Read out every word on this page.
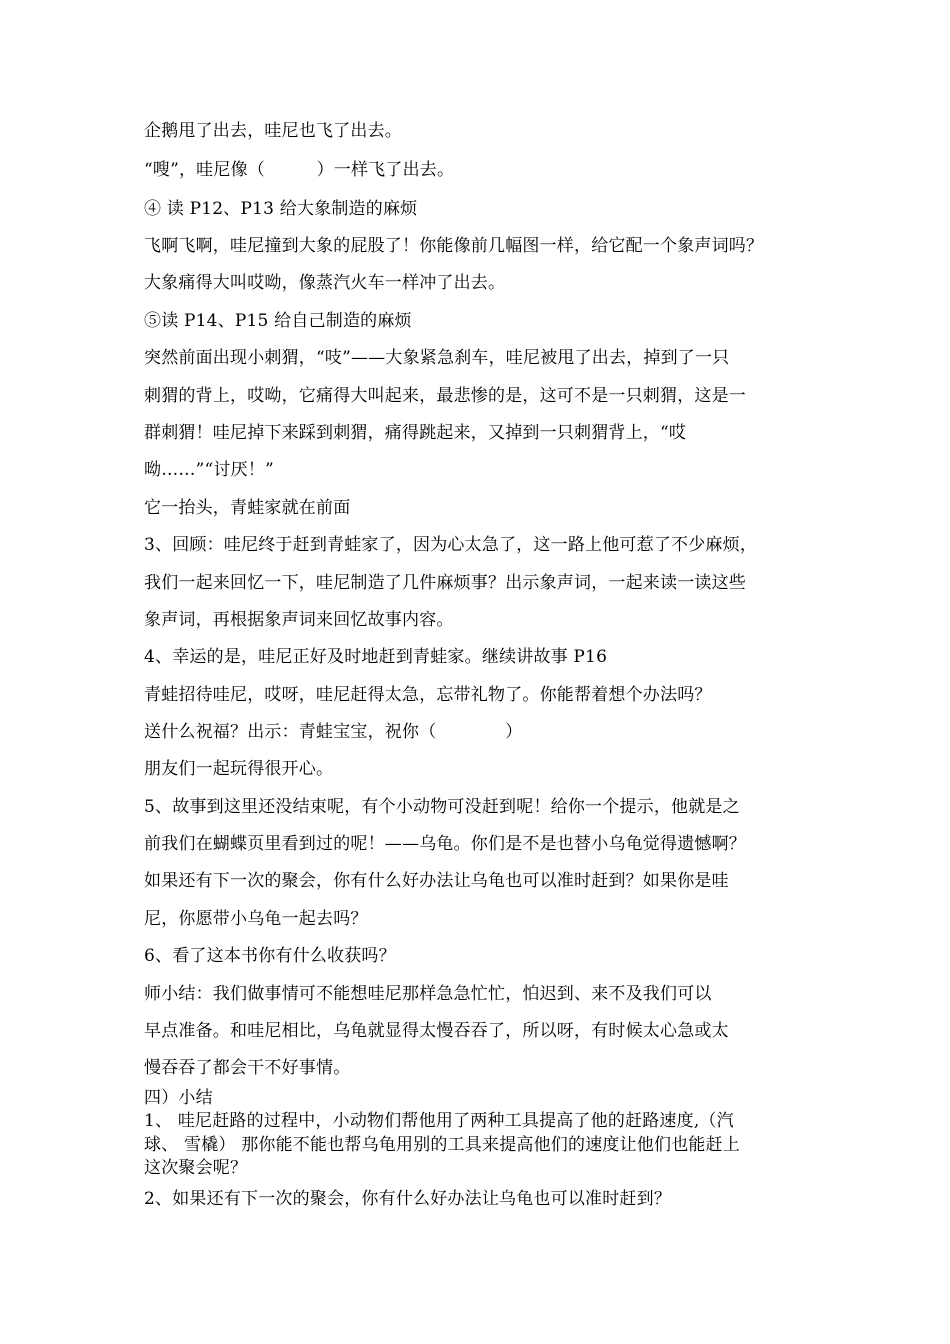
企鹅甩了出去，哇尼也飞了出去。
“嗖”，哇尼像（　　　）一样飞了出去。
④ 读 P12、P13 给大象制造的麻烦
飞啊飞啊，哇尼撞到大象的屁股了！你能像前几幅图一样，给它配一个象声词吗？
大象痛得大叫哎呦，像蒸汽火车一样冲了出去。
⑤读 P14、P15 给自己制造的麻烦
突然前面出现小刺猬，“吱”——大象紧急刹车，哇尼被甩了出去，掉到了一只
刺猬的背上，哎呦，它痛得大叫起来，最悲惨的是，这可不是一只刺猬，这是一
群刺猬！哇尼掉下来踩到刺猬，痛得跳起来，又掉到一只刺猬背上，“哎
呦……”“讨厌！”
它一抬头，青蛙家就在前面
3、回顾：哇尼终于赶到青蛙家了，因为心太急了，这一路上他可惹了不少麻烦，
我们一起来回忆一下，哇尼制造了几件麻烦事？出示象声词，一起来读一读这些
象声词，再根据象声词来回忆故事内容。
4、幸运的是，哇尼正好及时地赶到青蛙家。继续讲故事 P16
青蛙招待哇尼，哎呀，哇尼赶得太急，忘带礼物了。你能帮着想个办法吗？
送什么祝福？出示：青蛙宝宝，祝你（　　　　）
朋友们一起玩得很开心。
5、故事到这里还没结束呢，有个小动物可没赶到呢！给你一个提示，他就是之
前我们在蝴蝶页里看到过的呢！——乌龟。你们是不是也替小乌龟觉得遗憾啊？
如果还有下一次的聚会，你有什么好办法让乌龟也可以准时赶到？如果你是哇
尼，你愿带小乌龟一起去吗？
6、看了这本书你有什么收获吗？
师小结：我们做事情可不能想哇尼那样急急忙忙，怕迟到、来不及我们可以
早点准备。和哇尼相比，乌龟就显得太慢吞吞了，所以呀，有时候太心急或太
慢吞吞了都会干不好事情。
四）小结
1、 哇尼赶路的过程中，小动物们帮他用了两种工具提高了他的赶路速度,（汽
球、 雪橇） 那你能不能也帮乌龟用别的工具来提高他们的速度让他们也能赶上
这次聚会呢？
2、如果还有下一次的聚会，你有什么好办法让乌龟也可以准时赶到？
